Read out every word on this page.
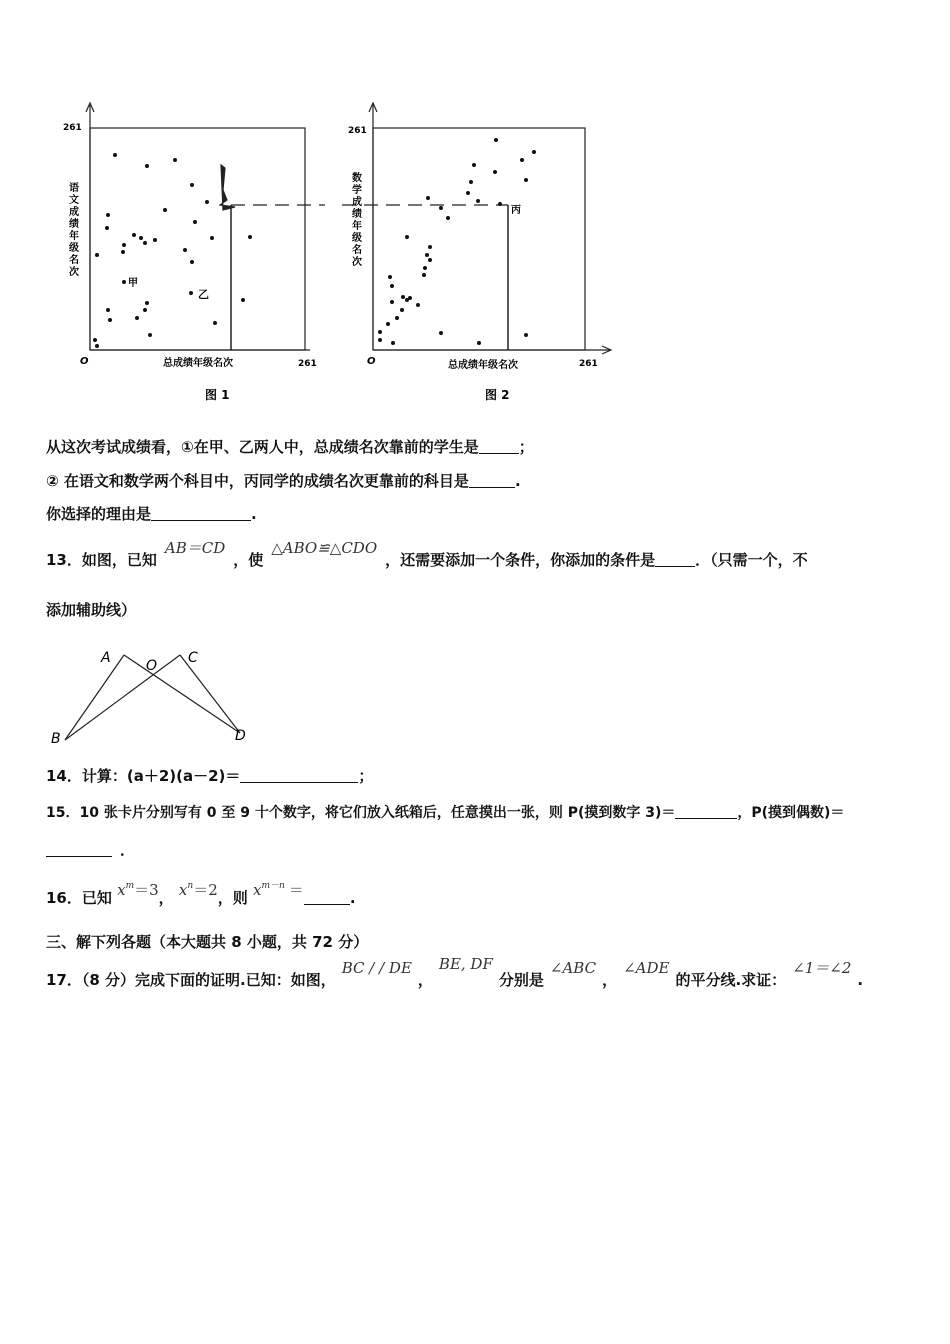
261
O	261
总成绩年级名次
语文成绩年级名次
甲
乙
图 1
261
O	261
总成绩年级名次
数学成绩年级名次	丙
图 2
从这次考试成绩看，①在甲、乙两人中，总成绩名次靠前的学生是	；
② 在语文和数学两个科目中，丙同学的成绩名次更靠前的科目是	.
你选择的理由是	.
13．如图，已知AB＝CD，使△ABO≌△CDO，还需要添加一个条件，你添加的条件是	．（只需一个，不
添加辅助线）
A	O C
B	D
14．计算：(a＋2)(a－2)＝	；
15．10 张卡片分别写有 0 至 9 十个数字，将它们放入纸箱后，任意摸出一张，则 P(摸到数字 3)＝	，P(摸到偶数)＝
．
16．已知 $x^m=3$， $x^n=2$，则 $x^{m-n}$ ＝	.
三、解下列各题（本大题共 8 小题，共 72 分）
17．（8 分）完成下面的证明.已知：如图，BC / / DE，BE, DF分别是∠ABC，∠ADE的平分线.求证：∠1＝∠2.
